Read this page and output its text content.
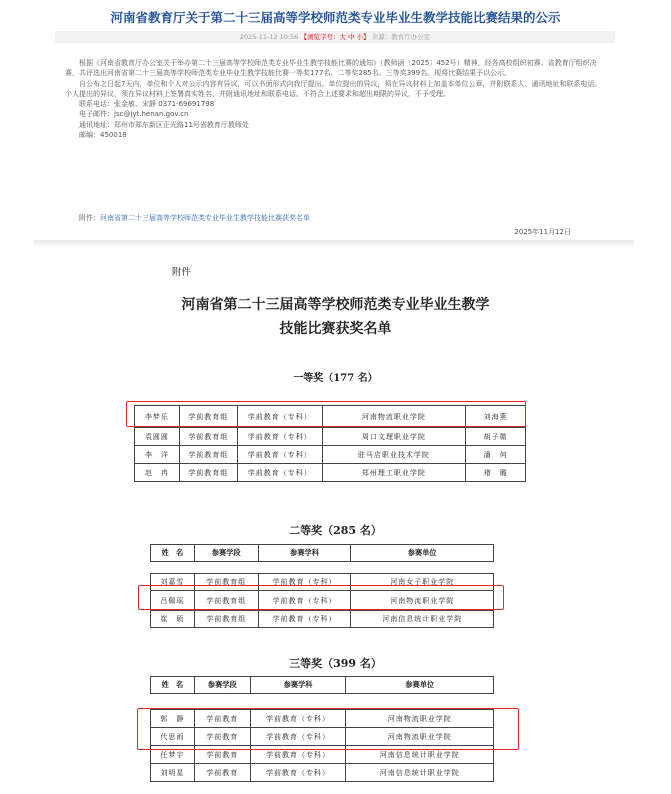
河南省教育厅关于第二十三届高等学校师范类专业毕业生教学技能比赛结果的公示
2025-11-12 10:56 【浏览字号：大 中 小】 来源：教育厅办公室

根据《河南省教育厅办公室关于举办第二十三届高等学校师范类专业毕业生教学技能比赛的通知》（教师函〔2025〕452号）精神，经各高校组织初赛、省教育厅组织决赛，共评选出河南省第二十三届高等学校师范类专业毕业生教学技能比赛一等奖177名、二等奖285名、三等奖399名。现将比赛结果予以公示。

自公布之日起7天内，单位和个人对公示内容有异议，可以书面形式向我厅提出。单位提出的异议，须在异议材料上加盖本单位公章，并附联系人、通讯地址和联系电话。个人提出的异议，须在异议材料上签署真实姓名，并附通讯地址和联系电话。不符合上述要求和超出期限的异议，不予受理。

联系电话：张金敏、宋静 0371-69691798
电子邮件：jsc@jyt.henan.gov.cn
通讯地址：郑州市郑东新区正光路11号省教育厅教师处
邮编：450018
附件：河南省第二十三届高等学校师范类专业毕业生教学技能比赛获奖名单
2025年11月12日
附件
河南省第二十三届高等学校师范类专业毕业生教学
技能比赛获奖名单
一等奖（177 名）
李梦乐	学前教育组	学前教育（专科）	河南物流职业学院	刘海燕
袁圆圆	学前教育组	学前教育（专科）	周口文理职业学院	胡子微
李　洋	学前教育组	学前教育（专科）	驻马店职业技术学院	潘　何
赵　冉	学前教育组	学前教育（专科）	郑州理工职业学院	褚　璐
二等奖（285 名）
姓　名	参赛学段	参赛学科	参赛单位

刘嘉雪	学前教育组	学前教育（专科）	河南女子职业学院
吕佩瑶	学前教育组	学前教育（专科）	河南物流职业学院
崔　硕	学前教育组	学前教育（专科）	河南信息统计职业学院
三等奖（399 名）
姓　名	参赛学段	参赛学科	参赛单位

郭　静	学前教育	学前教育（专科）	河南物流职业学院
代思雨	学前教育	学前教育（专科）	河南物流职业学院
任梦宇	学前教育	学前教育（专科）	河南信息统计职业学院
刘明星	学前教育	学前教育（专科）	河南信息统计职业学院
